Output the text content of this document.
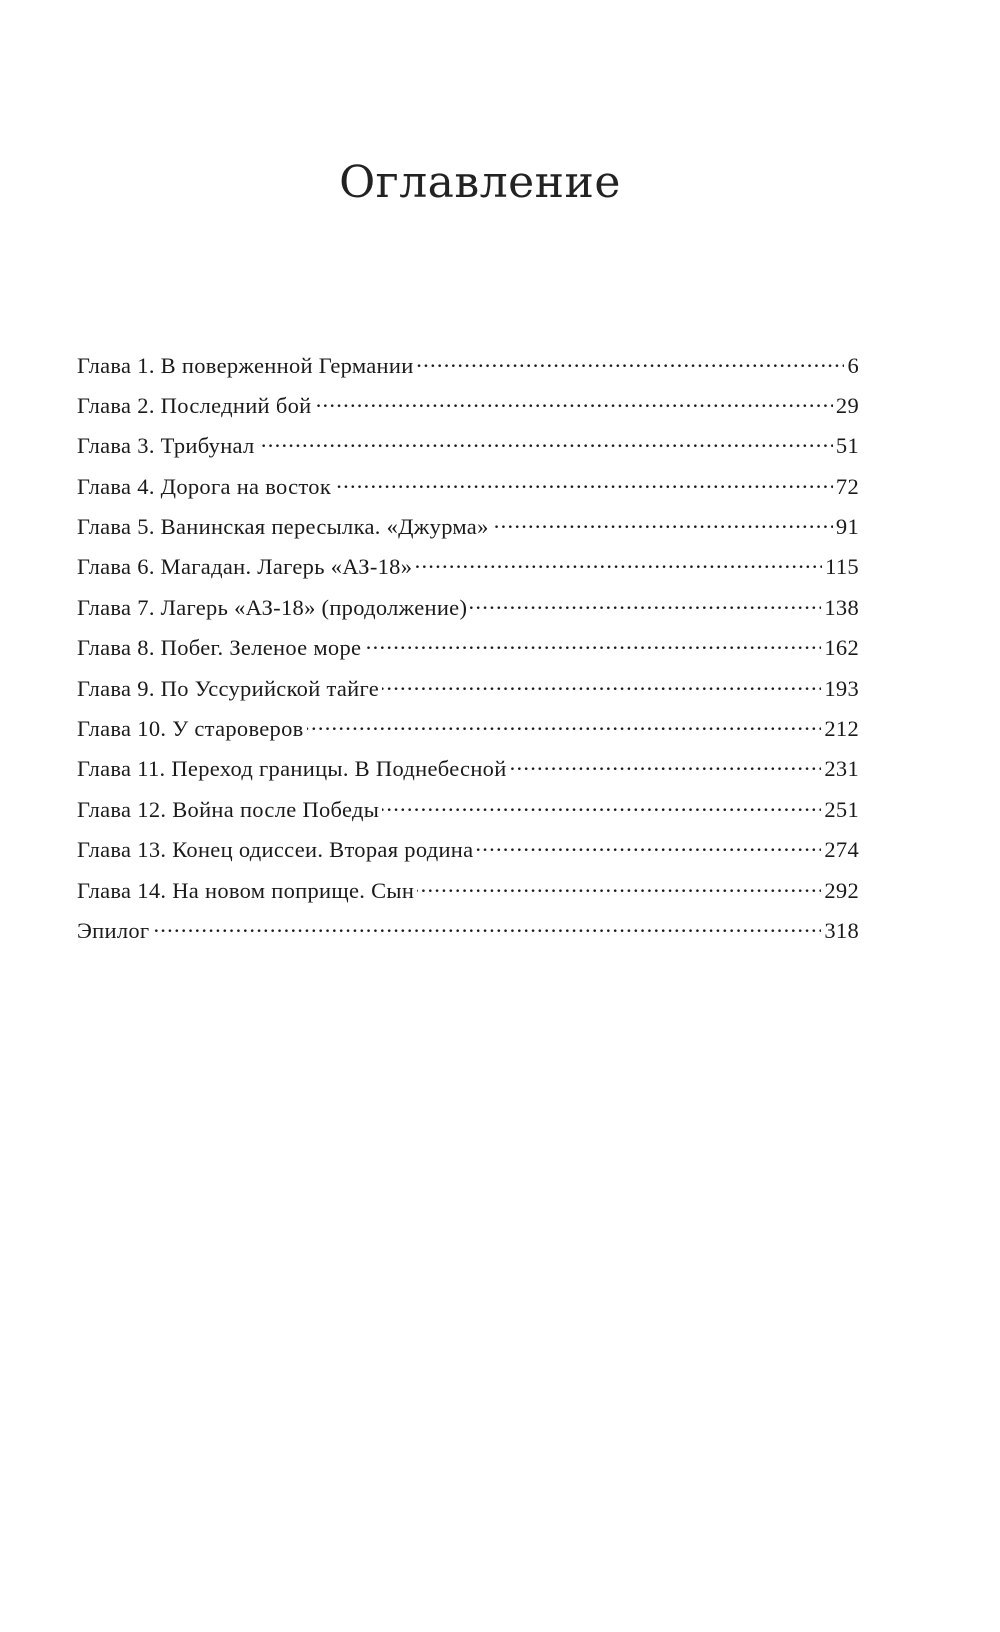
Оглавление
Глава 1. В поверженной Германии . . .	6
Глава 2. Последний бой . . .	29
Глава 3. Трибунал . . .	51
Глава 4. Дорога на восток . . .	72
Глава 5. Ванинская пересылка. «Джурма» . . .	91
Глава 6. Магадан. Лагерь «АЗ-18» . . .	115
Глава 7. Лагерь «АЗ-18» (продолжение) . . .	138
Глава 8. Побег. Зеленое море . . .	162
Глава 9. По Уссурийской тайге . . .	193
Глава 10. У староверов . . .	212
Глава 11. Переход границы. В Поднебесной . . .	231
Глава 12. Война после Победы . . .	251
Глава 13. Конец одиссеи. Вторая родина . . .	274
Глава 14. На новом поприще. Сын . . .	292
Эпилог . . .	318
